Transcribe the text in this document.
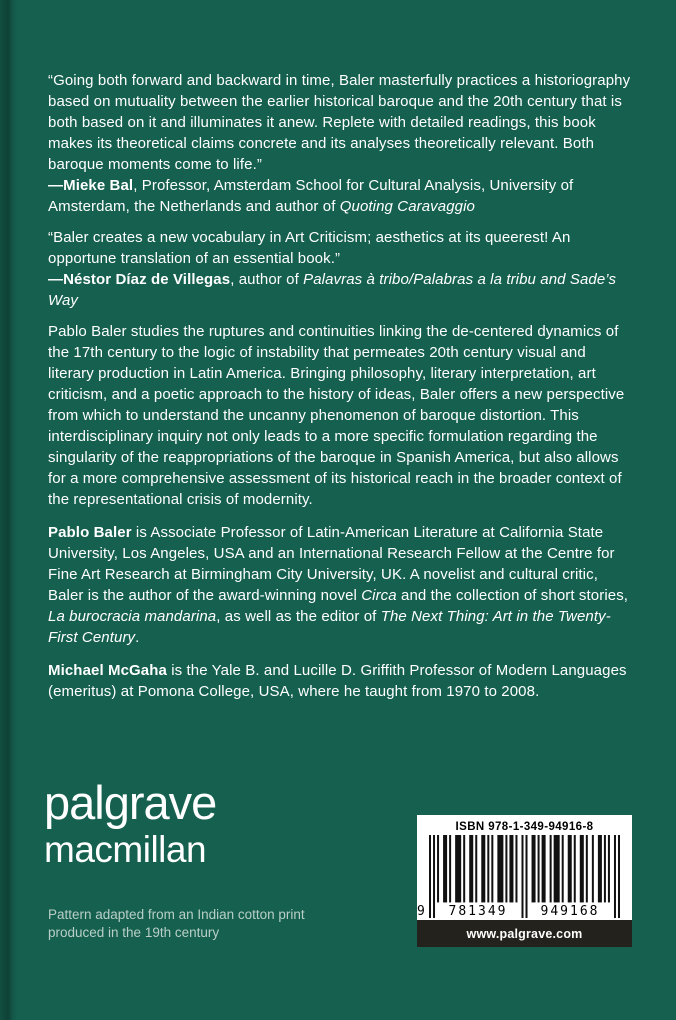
“Going both forward and backward in time, Baler masterfully practices a historiography based on mutuality between the earlier historical baroque and the 20th century that is both based on it and illuminates it anew. Replete with detailed readings, this book makes its theoretical claims concrete and its analyses theoretically relevant. Both baroque moments come to life.”

—Mieke Bal, Professor, Amsterdam School for Cultural Analysis, University of Amsterdam, the Netherlands and author of Quoting Caravaggio

“Baler creates a new vocabulary in Art Criticism; aesthetics at its queerest! An opportune translation of an essential book.”

—Néstor Díaz de Villegas, author of Palavras à tribo/Palabras a la tribu and Sade’s Way

Pablo Baler studies the ruptures and continuities linking the de-centered dynamics of the 17th century to the logic of instability that permeates 20th century visual and literary production in Latin America. Bringing philosophy, literary interpretation, art criticism, and a poetic approach to the history of ideas, Baler offers a new perspective from which to understand the uncanny phenomenon of baroque distortion. This interdisciplinary inquiry not only leads to a more specific formulation regarding the singularity of the reappropriations of the baroque in Spanish America, but also allows for a more comprehensive assessment of its historical reach in the broader context of the representational crisis of modernity.

Pablo Baler is Associate Professor of Latin-American Literature at California State University, Los Angeles, USA and an International Research Fellow at the Centre for Fine Art Research at Birmingham City University, UK. A novelist and cultural critic, Baler is the author of the award-winning novel Circa and the collection of short stories, La burocracia mandarina, as well as the editor of The Next Thing: Art in the Twenty-First Century.

Michael McGaha is the Yale B. and Lucille D. Griffith Professor of Modern Languages (emeritus) at Pomona College, USA, where he taught from 1970 to 2008.

palgrave
macmillan
ISBN 978-1-349-94916-8
9	781349	949168
www.palgrave.com
Pattern adapted from an Indian cotton print produced in the 19th century
